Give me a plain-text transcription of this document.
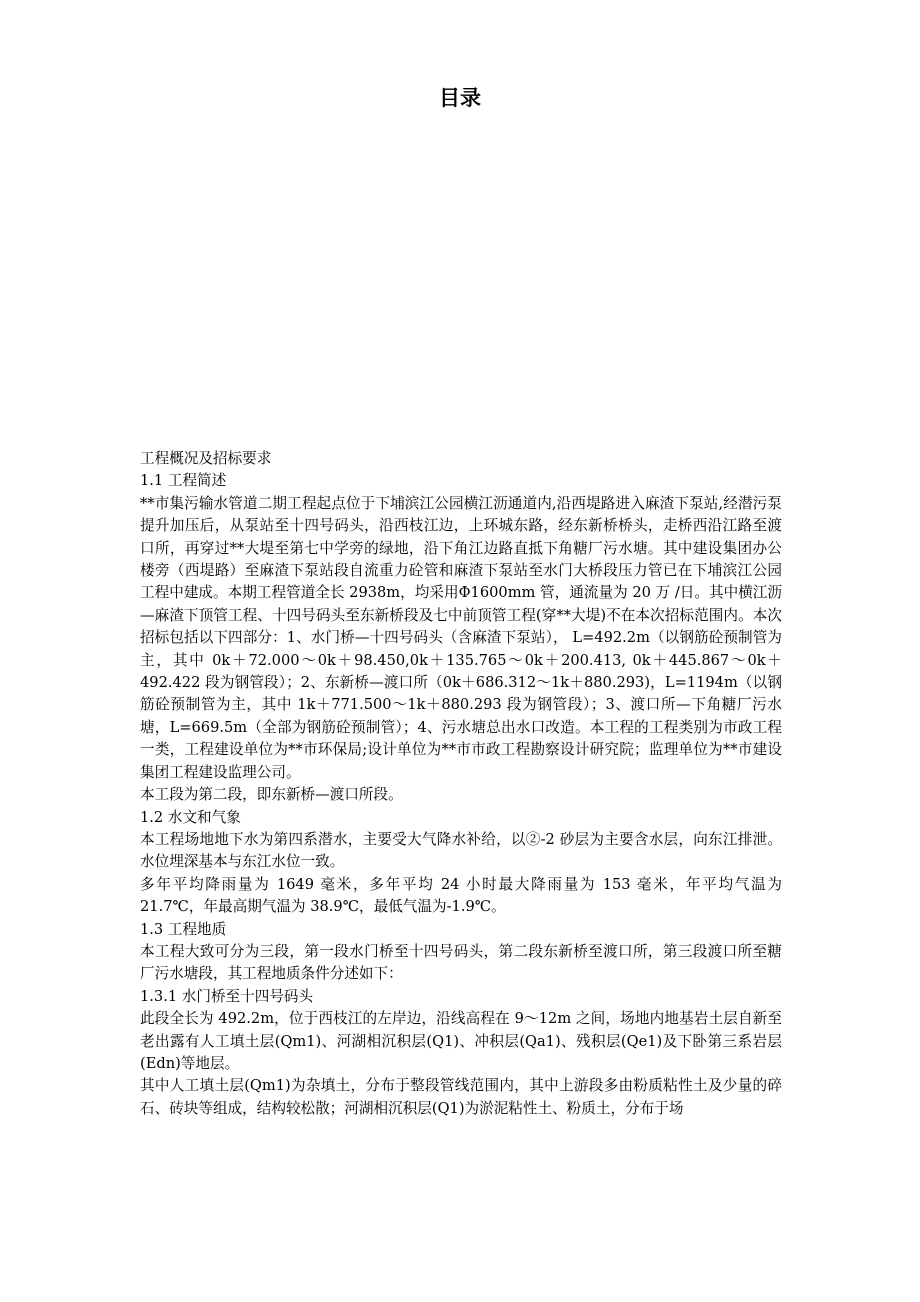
目录

工程概况及招标要求

1.1 工程简述

**市集污输水管道二期工程起点位于下埔滨江公园横江沥通道内,沿西堤路进入麻渣下泵站,经潜污泵提升加压后，从泵站至十四号码头，沿西枝江边，上环城东路，经东新桥桥头，走桥西沿江路至渡口所，再穿过**大堤至第七中学旁的绿地，沿下角江边路直抵下角糖厂污水塘。其中建设集团办公楼旁（西堤路）至麻渣下泵站段自流重力砼管和麻渣下泵站至水门大桥段压力管已在下埔滨江公园工程中建成。本期工程管道全长 2938m，均采用Φ1600mm 管，通流量为 20 万 /日。其中横江沥—麻渣下顶管工程、十四号码头至东新桥段及七中前顶管工程(穿**大堤)不在本次招标范围内。本次招标包括以下四部分：1、水门桥—十四号码头（含麻渣下泵站）， L=492.2m（以钢筋砼预制管为主，其中 0k＋72.000～0k＋98.450,0k＋135.765～0k＋200.413, 0k＋445.867～0k＋492.422 段为钢管段）；2、东新桥—渡口所（0k＋686.312～1k＋880.293)，L=1194m（以钢筋砼预制管为主，其中 1k＋771.500～1k＋880.293 段为钢管段）；3、渡口所—下角糖厂污水塘，L=669.5m（全部为钢筋砼预制管）；4、污水塘总出水口改造。本工程的工程类别为市政工程一类，工程建设单位为**市环保局;设计单位为**市市政工程勘察设计研究院；监理单位为**市建设集团工程建设监理公司。

本工段为第二段，即东新桥—渡口所段。

1.2 水文和气象

本工程场地地下水为第四系潜水，主要受大气降水补给，以②-2 砂层为主要含水层，向东江排泄。水位埋深基本与东江水位一致。

多年平均降雨量为 1649 毫米，多年平均 24 小时最大降雨量为 153 毫米，年平均气温为 21.7℃，年最高期气温为 38.9℃，最低气温为-1.9℃。

1.3 工程地质

本工程大致可分为三段，第一段水门桥至十四号码头，第二段东新桥至渡口所，第三段渡口所至糖厂污水塘段，其工程地质条件分述如下：

1.3.1 水门桥至十四号码头

此段全长为 492.2m，位于西枝江的左岸边，沿线高程在 9～12m 之间，场地内地基岩土层自新至老出露有人工填土层(Qm1)、河湖相沉积层(Q1)、冲积层(Qa1)、残积层(Qe1)及下卧第三系岩层(Edn)等地层。

其中人工填土层(Qm1)为杂填土，分布于整段管线范围内，其中上游段多由粉质粘性土及少量的碎石、砖块等组成，结构较松散；河湖相沉积层(Q1)为淤泥粘性土、粉质土，分布于场
